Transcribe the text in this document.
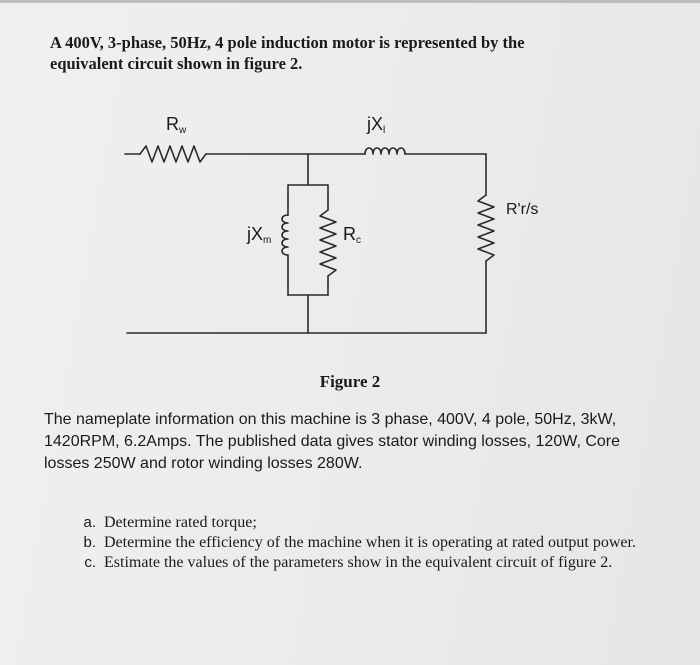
A 400V, 3-phase, 50Hz, 4 pole induction motor is represented by the equivalent circuit shown in figure 2.
$R_w$	$jX_l$
$jX_m$	$R_c$
R'r/s
Figure 2
The nameplate information on this machine is 3 phase, 400V, 4 pole, 50Hz, 3kW, 1420RPM, 6.2Amps. The published data gives stator winding losses, 120W, Core losses 250W and rotor winding losses 280W.
a. Determine rated torque;
b. Determine the efficiency of the machine when it is operating at rated output power.
c. Estimate the values of the parameters show in the equivalent circuit of figure 2.
